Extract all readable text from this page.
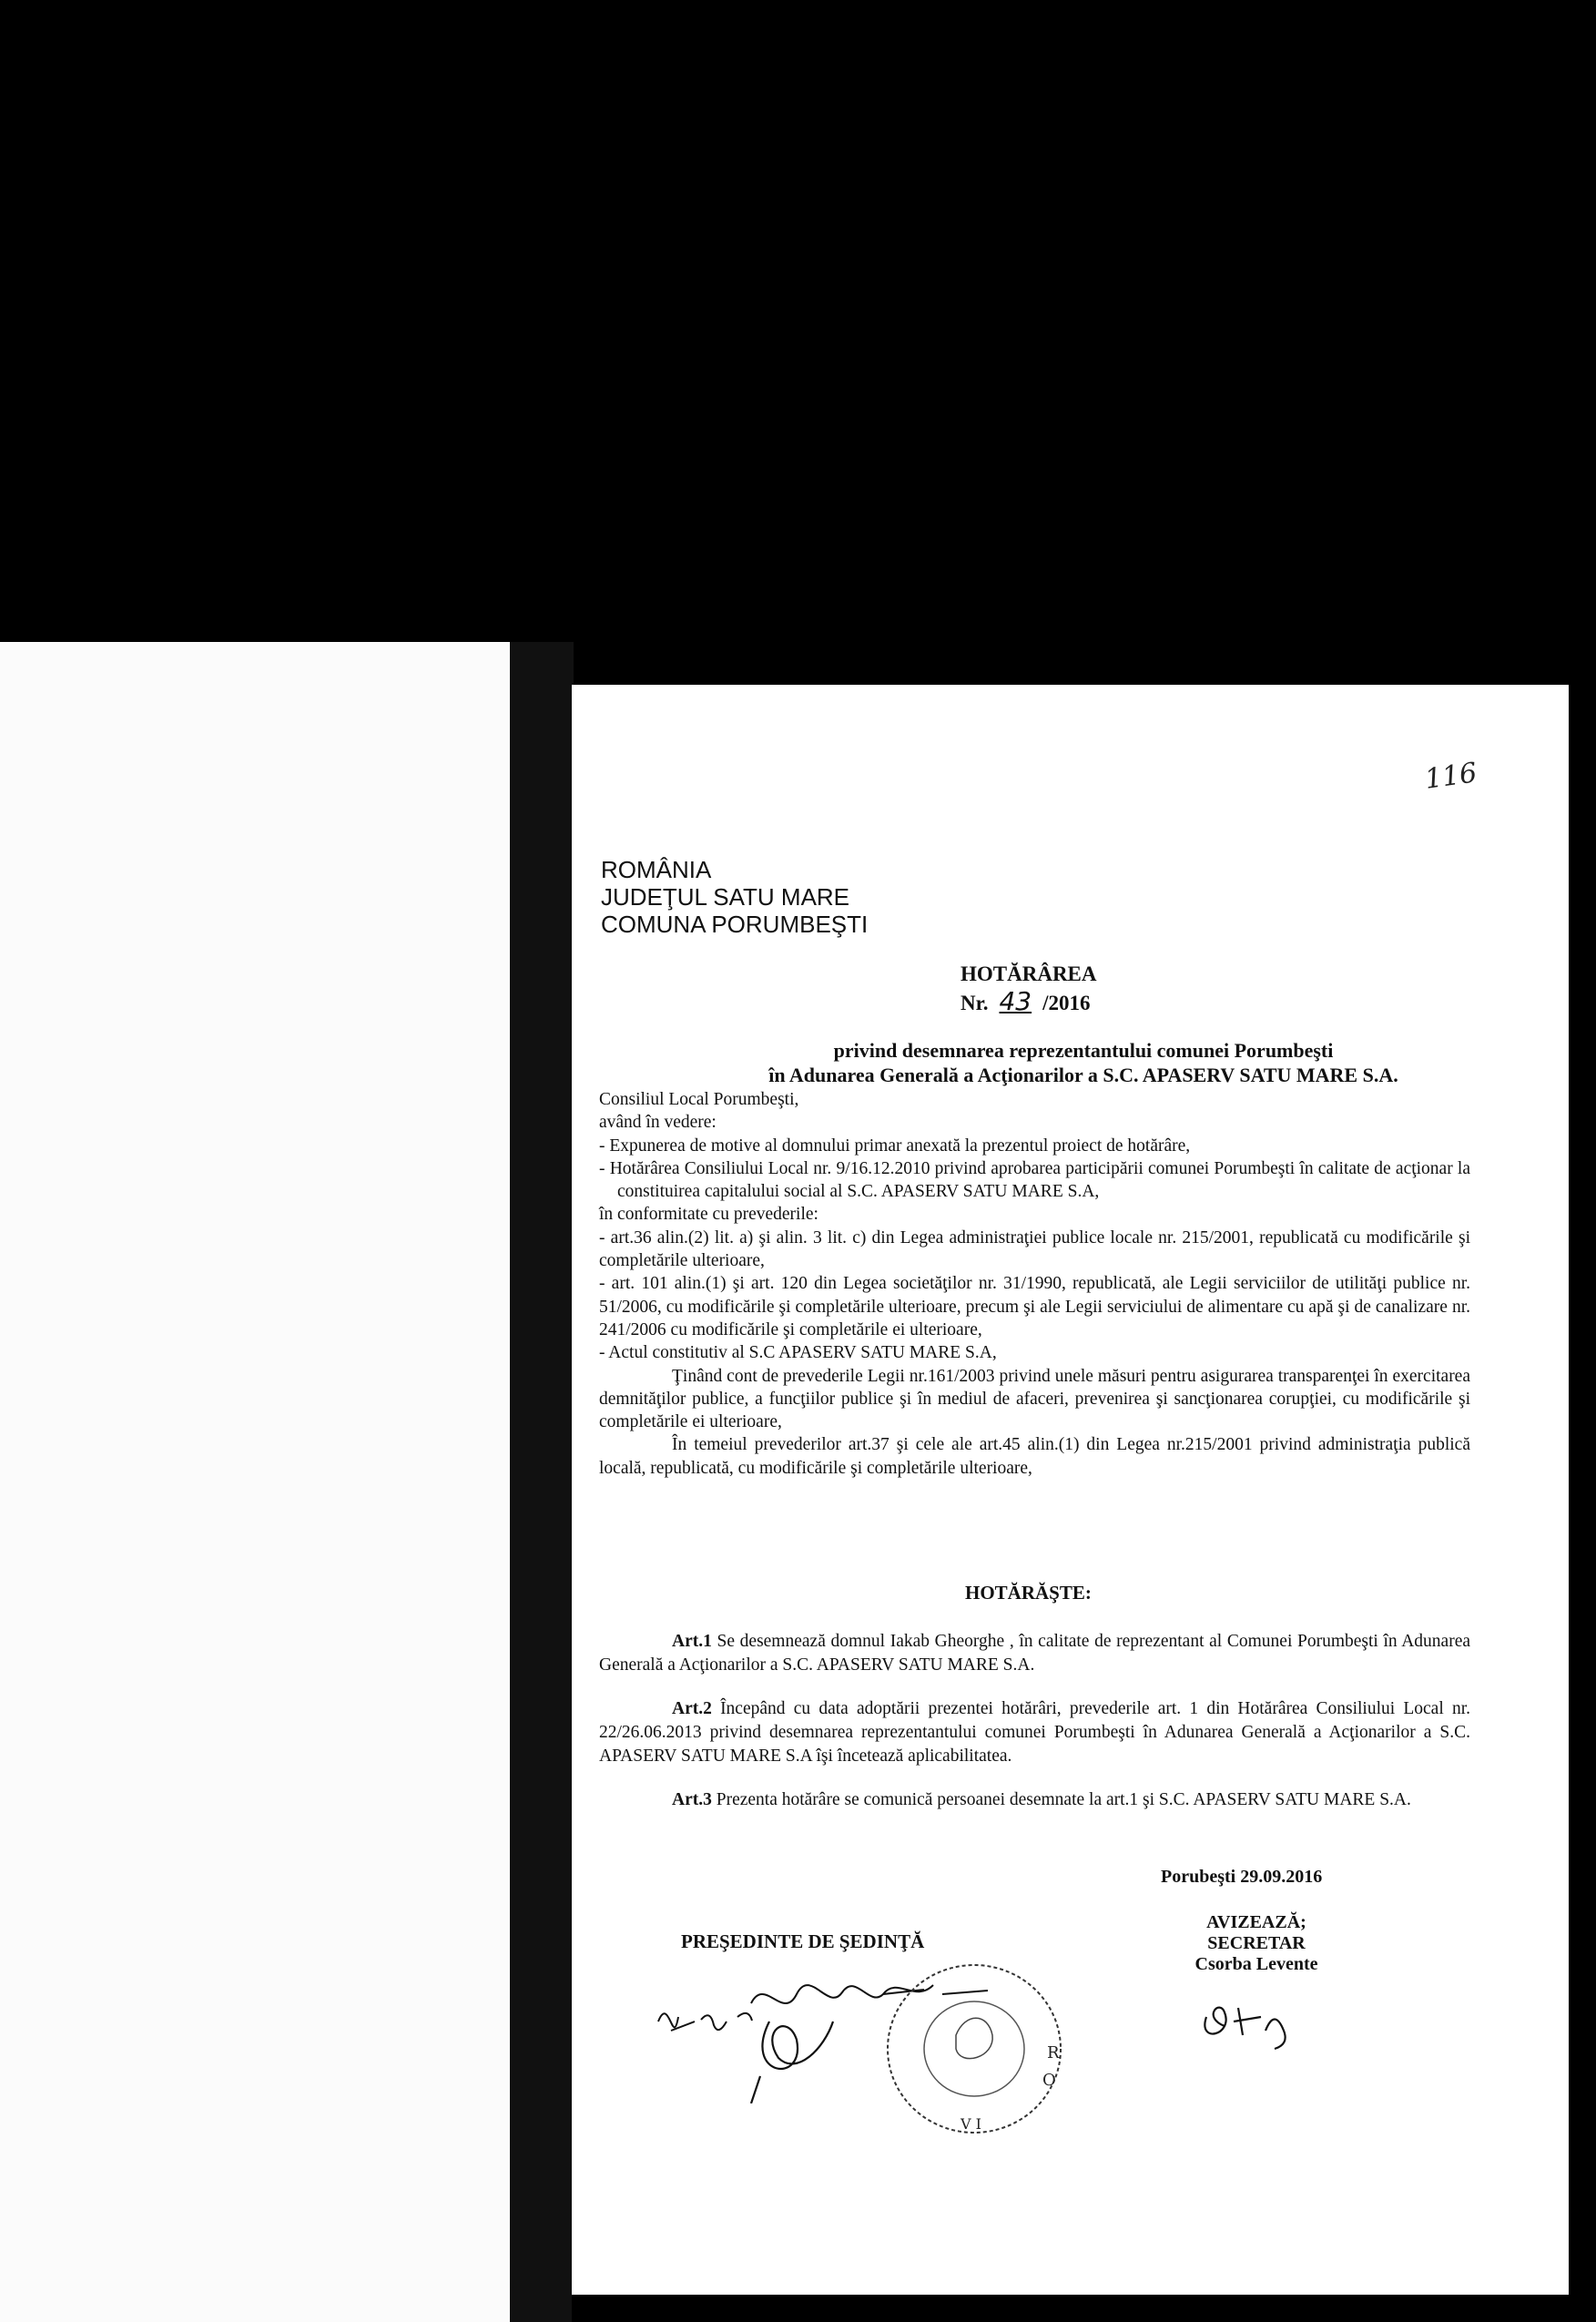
116
ROMÂNIA
JUDEŢUL SATU MARE
COMUNA PORUMBEŞTI
HOTĂRÂREA
Nr. 43 /2016
privind desemnarea reprezentantului comunei Porumbeşti
în Adunarea Generală a Acţionarilor a S.C. APASERV SATU MARE S.A.

Consiliul Local Porumbeşti,

având în vedere:

- Expunerea de motive al domnului primar anexată la prezentul proiect de hotărâre,

- Hotărârea Consiliului Local nr. 9/16.12.2010 privind aprobarea participării comunei Porumbeşti în calitate de acţionar la constituirea capitalului social al S.C. APASERV SATU MARE S.A,

în conformitate cu prevederile:

- art.36 alin.(2) lit. a) şi alin. 3 lit. c) din Legea administraţiei publice locale nr. 215/2001, republicată cu modificările şi completările ulterioare,

- art. 101 alin.(1) şi art. 120 din Legea societăţilor nr. 31/1990, republicată, ale Legii serviciilor de utilităţi publice nr. 51/2006, cu modificările şi completările ulterioare, precum şi ale Legii serviciului de alimentare cu apă şi de canalizare nr. 241/2006 cu modificările şi completările ei ulterioare,

- Actul constitutiv al S.C APASERV SATU MARE S.A,

Ţinând cont de prevederile Legii nr.161/2003 privind unele măsuri pentru asigurarea transparenţei în exercitarea demnităţilor publice, a funcţiilor publice şi în mediul de afaceri, prevenirea şi sancţionarea corupţiei, cu modificările şi completările ei ulterioare,

În temeiul prevederilor art.37 şi cele ale art.45 alin.(1) din Legea nr.215/2001 privind administraţia publică locală, republicată, cu modificările şi completările ulterioare,

HOTĂRĂŞTE:

Art.1 Se desemnează domnul Iakab Gheorghe , în calitate de reprezentant al Comunei Porumbeşti în Adunarea Generală a Acţionarilor a S.C. APASERV SATU MARE S.A.

Art.2 Începând cu data adoptării prezentei hotărâri, prevederile art. 1 din Hotărârea Consiliului Local nr. 22/26.06.2013 privind desemnarea reprezentantului comunei Porumbeşti în Adunarea Generală a Acţionarilor a S.C. APASERV SATU MARE S.A îşi încetează aplicabilitatea.

Art.3 Prezenta hotărâre se comunică persoanei desemnate la art.1 şi S.C. APASERV SATU MARE S.A.

Porubeşti 29.09.2016
PREŞEDINTE DE ŞEDINŢĂ
AVIZEAZĂ;
SECRETAR
Csorba Levente
R
O
V I
